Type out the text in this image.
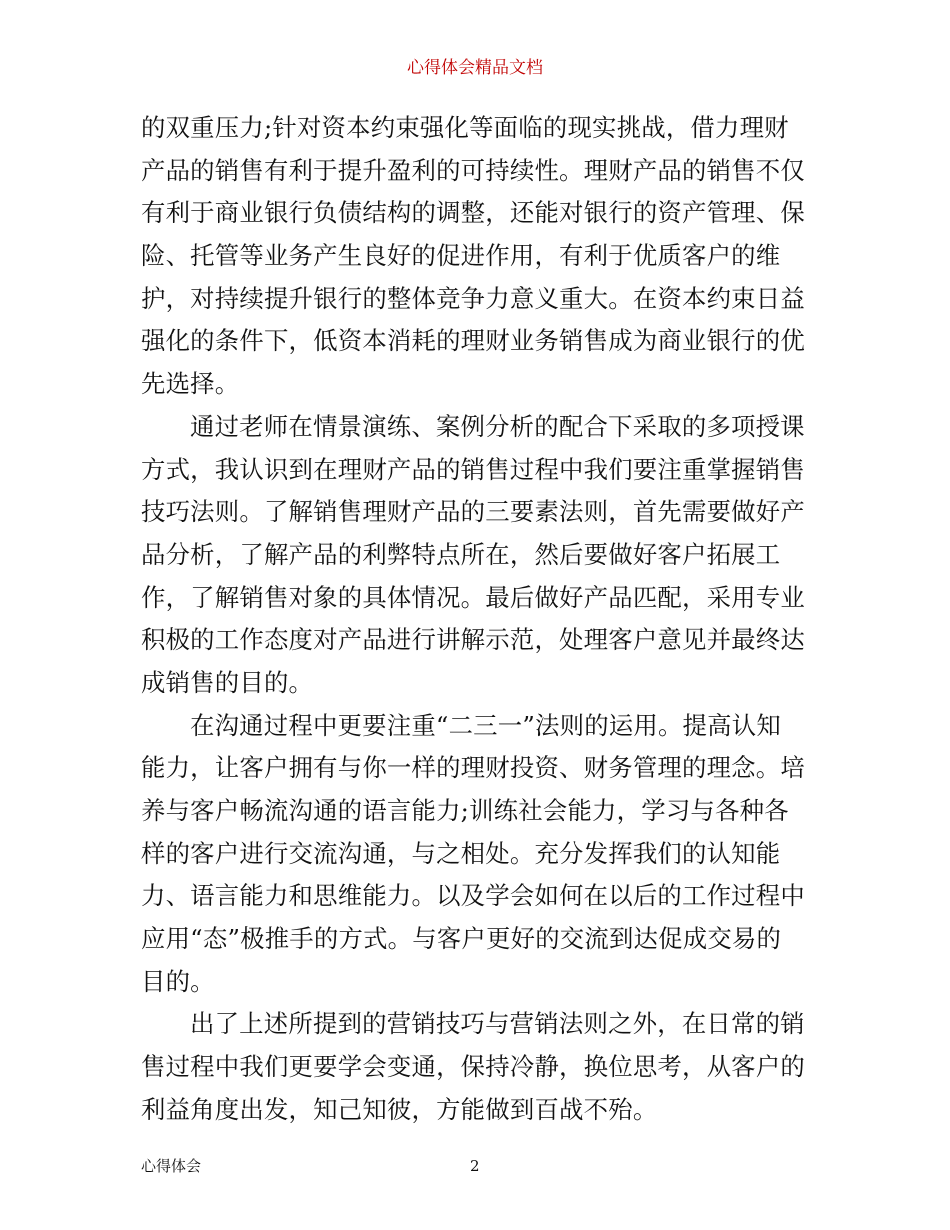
心得体会精品文档
的双重压力;针对资本约束强化等面临的现实挑战，借力理财
产品的销售有利于提升盈利的可持续性。理财产品的销售不仅
有利于商业银行负债结构的调整，还能对银行的资产管理、保
险、托管等业务产生良好的促进作用，有利于优质客户的维
护，对持续提升银行的整体竞争力意义重大。在资本约束日益
强化的条件下，低资本消耗的理财业务销售成为商业银行的优
先选择。
通过老师在情景演练、案例分析的配合下采取的多项授课
方式，我认识到在理财产品的销售过程中我们要注重掌握销售
技巧法则。了解销售理财产品的三要素法则，首先需要做好产
品分析，了解产品的利弊特点所在，然后要做好客户拓展工
作，了解销售对象的具体情况。最后做好产品匹配，采用专业
积极的工作态度对产品进行讲解示范，处理客户意见并最终达
成销售的目的。
在沟通过程中更要注重“二三一”法则的运用。提高认知
能力，让客户拥有与你一样的理财投资、财务管理的理念。培
养与客户畅流沟通的语言能力;训练社会能力，学习与各种各
样的客户进行交流沟通，与之相处。充分发挥我们的认知能
力、语言能力和思维能力。以及学会如何在以后的工作过程中
应用“态”极推手的方式。与客户更好的交流到达促成交易的
目的。
出了上述所提到的营销技巧与营销法则之外，在日常的销
售过程中我们更要学会变通，保持冷静，换位思考，从客户的
利益角度出发，知己知彼，方能做到百战不殆。
心得体会	2
